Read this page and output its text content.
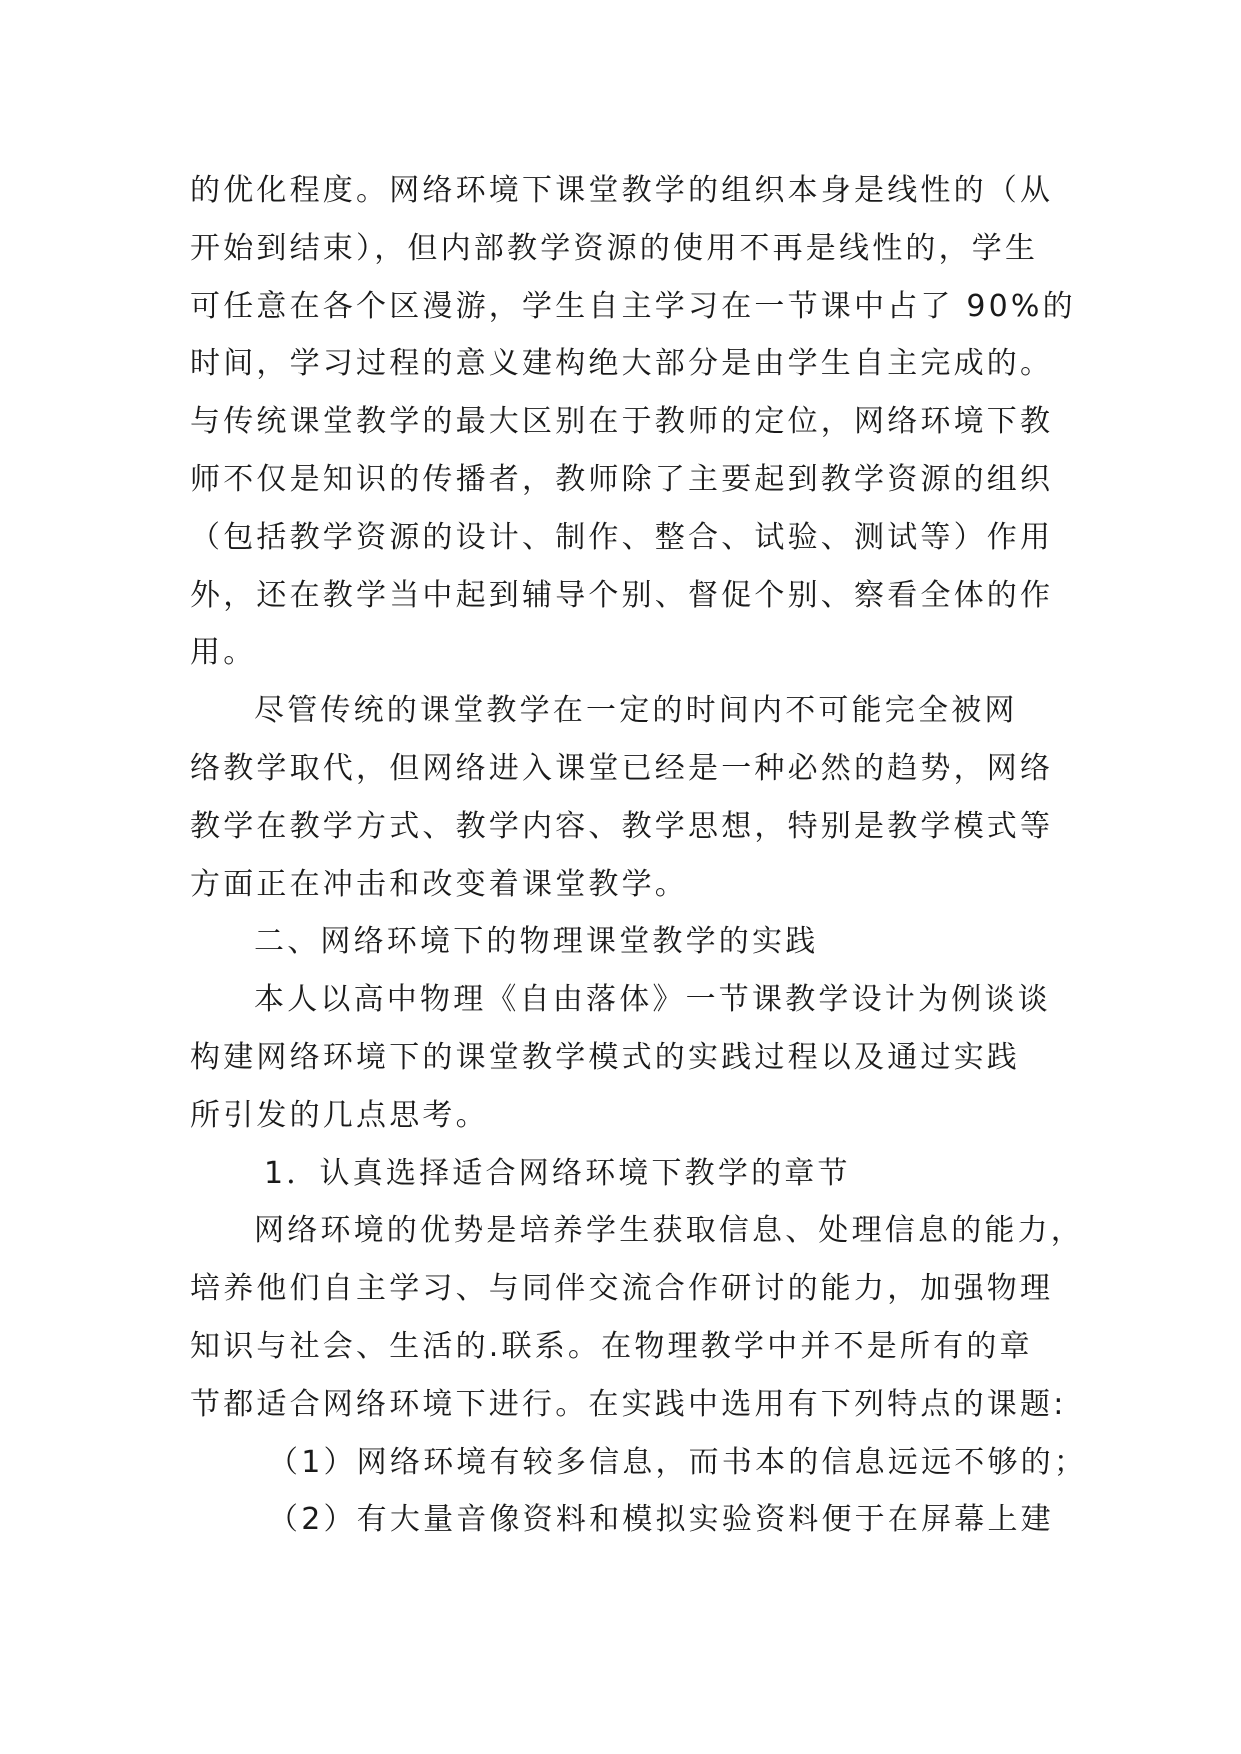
的优化程度。网络环境下课堂教学的组织本身是线性的（从
开始到结束），但内部教学资源的使用不再是线性的，学生
可任意在各个区漫游，学生自主学习在一节课中占了 90%的
时间，学习过程的意义建构绝大部分是由学生自主完成的。
与传统课堂教学的最大区别在于教师的定位，网络环境下教
师不仅是知识的传播者，教师除了主要起到教学资源的组织
（包括教学资源的设计、制作、整合、试验、测试等）作用
外，还在教学当中起到辅导个别、督促个别、察看全体的作
用。
尽管传统的课堂教学在一定的时间内不可能完全被网
络教学取代，但网络进入课堂已经是一种必然的趋势，网络
教学在教学方式、教学内容、教学思想，特别是教学模式等
方面正在冲击和改变着课堂教学。
二、网络环境下的物理课堂教学的实践
本人以高中物理《自由落体》一节课教学设计为例谈谈
构建网络环境下的课堂教学模式的实践过程以及通过实践
所引发的几点思考。
1．认真选择适合网络环境下教学的章节
网络环境的优势是培养学生获取信息、处理信息的能力，
培养他们自主学习、与同伴交流合作研讨的能力，加强物理
知识与社会、生活的.联系。在物理教学中并不是所有的章
节都适合网络环境下进行。在实践中选用有下列特点的课题:
（1）网络环境有较多信息，而书本的信息远远不够的；
（2）有大量音像资料和模拟实验资料便于在屏幕上建
